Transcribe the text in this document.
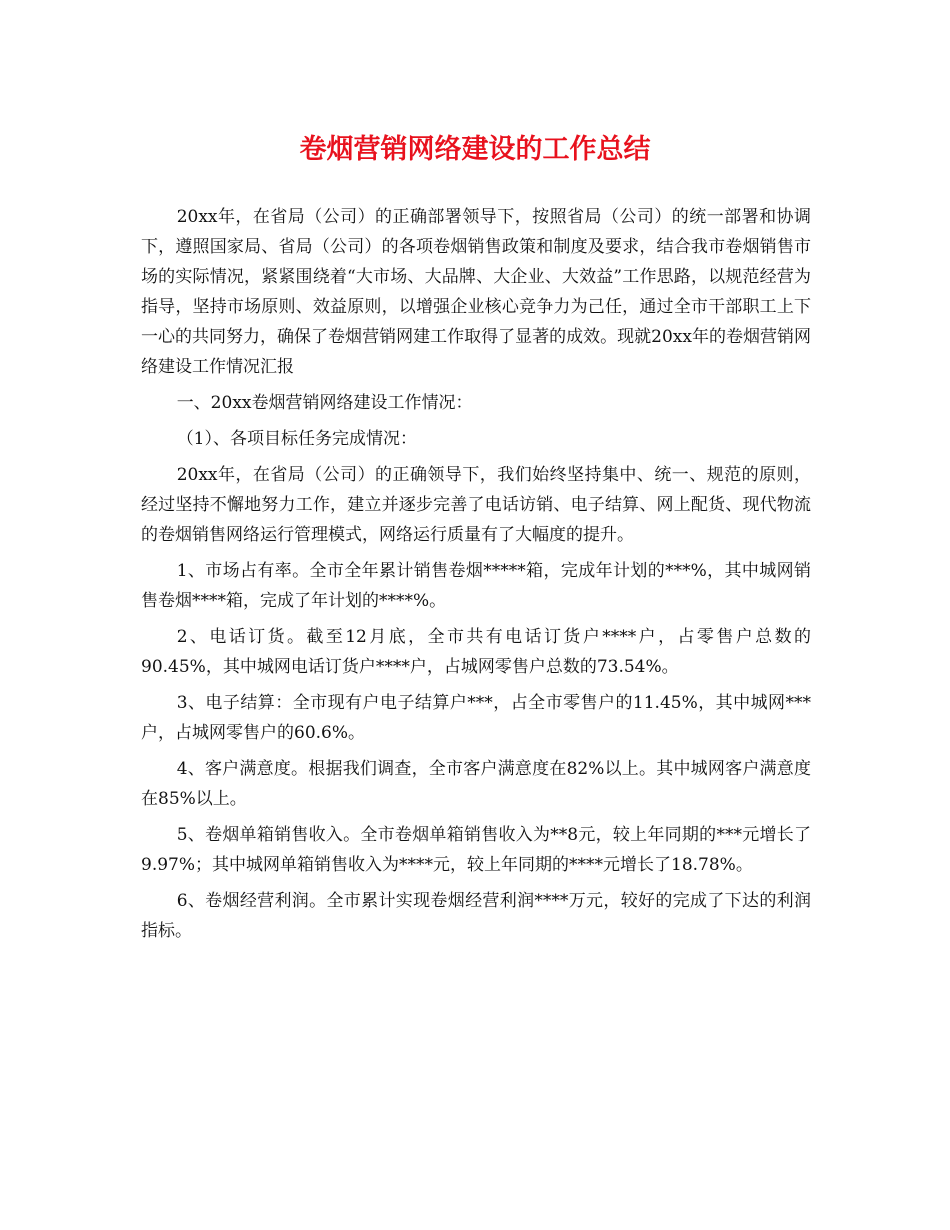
卷烟营销网络建设的工作总结

20xx年，在省局（公司）的正确部署领导下，按照省局（公司）的统一部署和协调下，遵照国家局、省局（公司）的各项卷烟销售政策和制度及要求，结合我市卷烟销售市场的实际情况，紧紧围绕着“大市场、大品牌、大企业、大效益”工作思路，以规范经营为指导，坚持市场原则、效益原则，以增强企业核心竞争力为己任，通过全市干部职工上下一心的共同努力，确保了卷烟营销网建工作取得了显著的成效。现就20xx年的卷烟营销网络建设工作情况汇报

一、20xx卷烟营销网络建设工作情况：

（1）、各项目标任务完成情况：

20xx年，在省局（公司）的正确领导下，我们始终坚持集中、统一、规范的原则，经过坚持不懈地努力工作，建立并逐步完善了电话访销、电子结算、网上配货、现代物流的卷烟销售网络运行管理模式，网络运行质量有了大幅度的提升。

1、市场占有率。全市全年累计销售卷烟*****箱，完成年计划的***%，其中城网销售卷烟****箱，完成了年计划的****%。

2、电话订货。截至12月底，全市共有电话订货户****户，占零售户总数的90.45%，其中城网电话订货户****户，占城网零售户总数的73.54%。

3、电子结算：全市现有户电子结算户***，占全市零售户的11.45%，其中城网***户，占城网零售户的60.6%。

4、客户满意度。根据我们调查，全市客户满意度在82%以上。其中城网客户满意度在85%以上。

5、卷烟单箱销售收入。全市卷烟单箱销售收入为**8元，较上年同期的***元增长了9.97%；其中城网单箱销售收入为****元，较上年同期的****元增长了18.78%。

6、卷烟经营利润。全市累计实现卷烟经营利润****万元，较好的完成了下达的利润指标。
